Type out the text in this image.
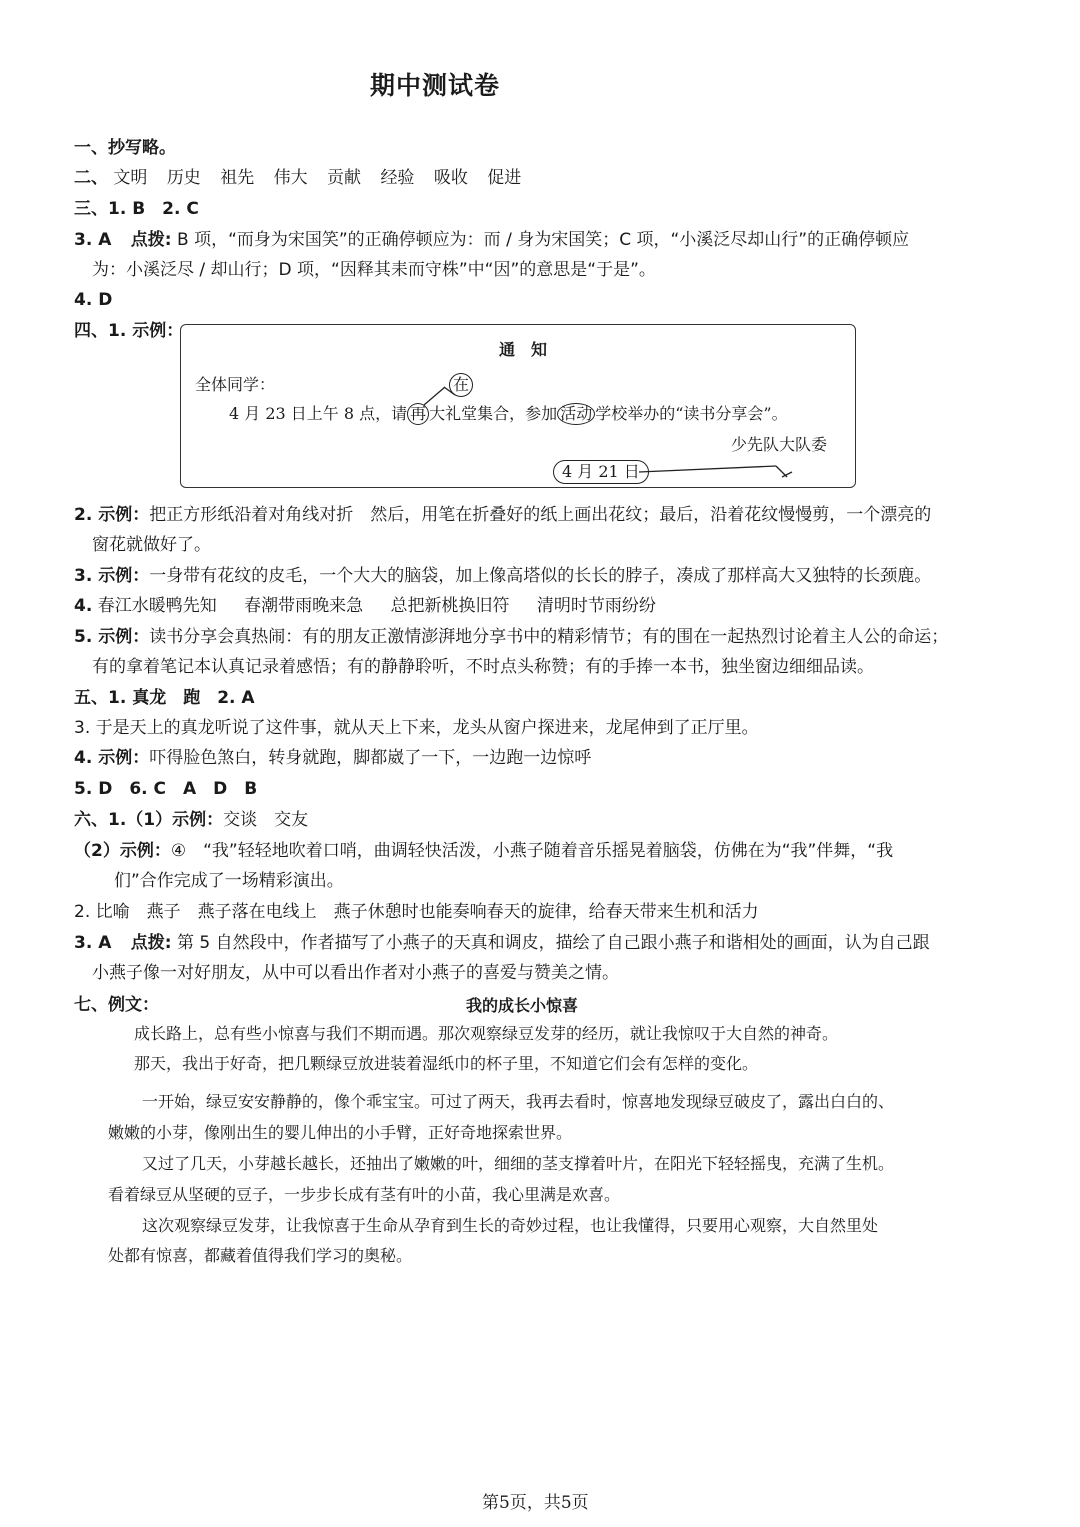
期中测试卷
一、抄写略。
二、 文明 历史 祖先 伟大 贡献 经验 吸收 促进
三、1. B　2. C
3. A 点拨: B 项，“而身为宋国笑”的正确停顿应为：而 / 身为宋国笑；C 项，“小溪泛尽却山行”的正确停顿应
为：小溪泛尽 / 却山行；D 项，“因释其耒而守株”中“因”的意思是“于是”。
4. D
四、1. 示例：
通　知
全体同学：	在
4 月 23 日上午 8 点，请 再 大礼堂集合，参加 活动 学校举办的“读书分享会”。
少先队大队委
4 月 21 日
2. 示例：把正方形纸沿着对角线对折　然后，用笔在折叠好的纸上画出花纹；最后，沿着花纹慢慢剪，一个漂亮的
窗花就做好了。
3. 示例：一身带有花纹的皮毛，一个大大的脑袋，加上像高塔似的长长的脖子，凑成了那样高大又独特的长颈鹿。
4. 春江水暖鸭先知 春潮带雨晚来急 总把新桃换旧符 清明时节雨纷纷
5. 示例：读书分享会真热闹：有的朋友正激情澎湃地分享书中的精彩情节；有的围在一起热烈讨论着主人公的命运；
有的拿着笔记本认真记录着感悟；有的静静聆听，不时点头称赞；有的手捧一本书，独坐窗边细细品读。
五、1. 真龙　跑　2. A
3. 于是天上的真龙听说了这件事，就从天上下来，龙头从窗户探进来，龙尾伸到了正厅里。
4. 示例：吓得脸色煞白，转身就跑，脚都崴了一下，一边跑一边惊呼
5. D　6. C　A　D　B
六、1.（1）示例：交谈　交友
（2）示例：④　“我”轻轻地吹着口哨，曲调轻快活泼，小燕子随着音乐摇晃着脑袋，仿佛在为“我”伴舞，“我
们”合作完成了一场精彩演出。
2. 比喻　燕子　燕子落在电线上　燕子休憩时也能奏响春天的旋律，给春天带来生机和活力
3. A 点拨: 第 5 自然段中，作者描写了小燕子的天真和调皮，描绘了自己跟小燕子和谐相处的画面，认为自己跟
小燕子像一对好朋友，从中可以看出作者对小燕子的喜爱与赞美之情。
七、例文：	我的成长小惊喜
成长路上，总有些小惊喜与我们不期而遇。那次观察绿豆发芽的经历，就让我惊叹于大自然的神奇。
那天，我出于好奇，把几颗绿豆放进装着湿纸巾的杯子里，不知道它们会有怎样的变化。
一开始，绿豆安安静静的，像个乖宝宝。可过了两天，我再去看时，惊喜地发现绿豆破皮了，露出白白的、
嫩嫩的小芽，像刚出生的婴儿伸出的小手臂，正好奇地探索世界。
又过了几天，小芽越长越长，还抽出了嫩嫩的叶，细细的茎支撑着叶片，在阳光下轻轻摇曳，充满了生机。
看着绿豆从坚硬的豆子，一步步长成有茎有叶的小苗，我心里满是欢喜。
这次观察绿豆发芽，让我惊喜于生命从孕育到生长的奇妙过程，也让我懂得，只要用心观察，大自然里处
处都有惊喜，都藏着值得我们学习的奥秘。
第5页，共5页
